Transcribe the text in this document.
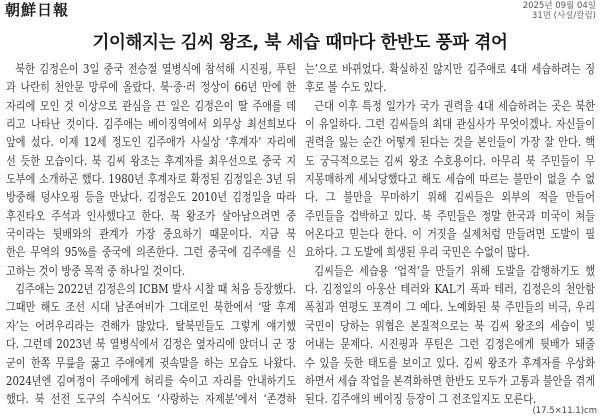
朝鮮日報	2025년 09월 04일
31면 (사설/칼럼)
기이해지는 김씨 왕조, 북 세습 때마다 한반도 풍파 겪어
북한 김정은이 3일 중국 전승절 열병식에 참석해 시진핑, 푸틴
과 나란히 천안문 망루에 올랐다. 북·중·러 정상이 66년 만에 한
자리에 모인 것 이상으로 관심을 끈 일은 김정은이 딸 주애를 데
리고 나타난 것이다. 김주애는 베이징역에서 외무상 최선희보다
앞에 섰다. 이제 12세 정도인 김주애가 사실상 ‘후계자’ 자리에
선 듯한 모습이다. 북 김씨 왕조는 후계자를 최우선으로 중국 지
도부에 소개하곤 했다. 1980년 후계자로 확정된 김정일은 3년 뒤
방중해 덩샤오핑 등을 만났다. 김정은도 2010년 김정일을 따라
후진타오 주석과 인사했다고 한다. 북 왕조가 살아남으려면 중
국이라는 뒷배와의 관계가 가장 중요하기 때문이다. 지금 북
한은 무역의 95%를 중국에 의존한다. 그런 중국에 김주애를 신
고하는 것이 방중 목적 중 하나일 것이다.
김주애는 2022년 김정은의 ICBM 발사 시찰 때 처음 등장했다.
그때만 해도 조선 시대 남존여비가 그대로인 북한에서 ‘딸 후계
자’는 어려우리라는 견해가 많았다. 탈북민들도 그렇게 얘기했
다. 그런데 2023년 북 열병식에서 김정은 옆자리에 앉더니 군 장
군이 한쪽 무릎을 꿇고 주애에게 귓속말을 하는 모습도 나왔다.
2024년엔 김여정이 주애에게 허리를 숙이고 자리를 안내하기도
했다. 북 선전 도구의 수식어도 ‘사랑하는 자제분’에서 ‘존경하
는’으로 바뀌었다. 확실하진 않지만 김주애로 4대 세습하려는 징
후로 볼 수도 있다.
근대 이후 특정 일가가 국가 권력을 4대 세습하려는 곳은 북한
이 유일하다. 그런 김씨들의 최대 관심사가 무엇이겠나. 자신들이
권력을 잃는 순간 어떻게 된다는 것을 본인들이 가장 잘 안다. 핵
도 궁극적으로는 김씨 왕조 수호용이다. 아무리 북 주민들이 무
지몽매하게 세뇌당했다고 해도 세습에 따르는 불만이 없을 수 없
다. 그 불만을 무마하기 위해 김씨들은 외부의 적을 만들어
주민들을 겁박하고 있다. 북 주민들은 정말 한국과 미국이 쳐들
어온다고 믿는다 한다. 이 거짓을 실제처럼 만들려면 도발이 필
요하다. 그 도발에 희생된 우리 국민은 수없이 많다.
김씨들은 세습용 ‘업적’을 만들기 위해 도발을 감행하기도 했
다. 김정일의 아웅산 테러와 KAL기 폭파 테러, 김정은의 천안함
폭침과 연평도 포격이 그 예다. 노예화된 북 주민들의 비극, 우리
국민이 당하는 위협은 본질적으로는 북 김씨 왕조의 세습이 빚
어내는 문제다. 시진핑과 푸틴은 그런 김정은에게 뒷배가 돼줄
수 있을 듯한 태도를 보이고 있다. 김씨 왕조가 후계자를 우상화
하면서 세습 작업을 본격화하면 한반도 모두가 고통과 불안을 겪게
된다. 김주애의 베이징 등장이 그 전조일지도 모른다.
(17.5×11.1)cm
